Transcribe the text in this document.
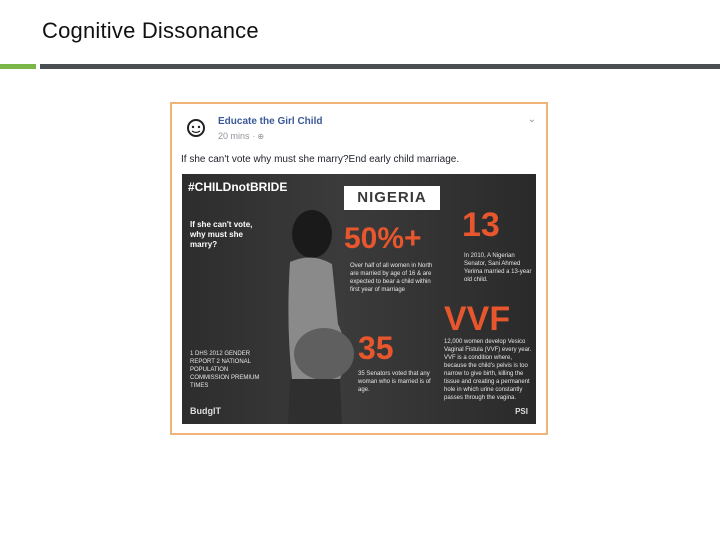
Cognitive Dissonance
Educate the Girl Child
20 mins · ⊕
⌄
If she can't vote why must she marry?End early child marriage.
#CHILDnotBRIDE
NIGERIA
If she can't vote, why must she marry?	50%+
Over half of all women in North are married by age of 16 & are expected to bear a child within first year of marriage
13
In 2010, A Nigerian Senator, Sani Ahmed Yerima married a 13-year old child.
VVF
12,000 women develop Vesico Vaginal Fistula (VVF) every year. VVF is a condition where, because the child's pelvis is too narrow to give birth, killing the tissue and creating a permanent hole in which urine constantly passes through the vagina.
35
35 Senators voted that any woman who is married is of age.
1 DHS 2012 GENDER REPORT 2 NATIONAL POPULATION COMMISSION PREMIUM TIMES
BudgIT	PSI
